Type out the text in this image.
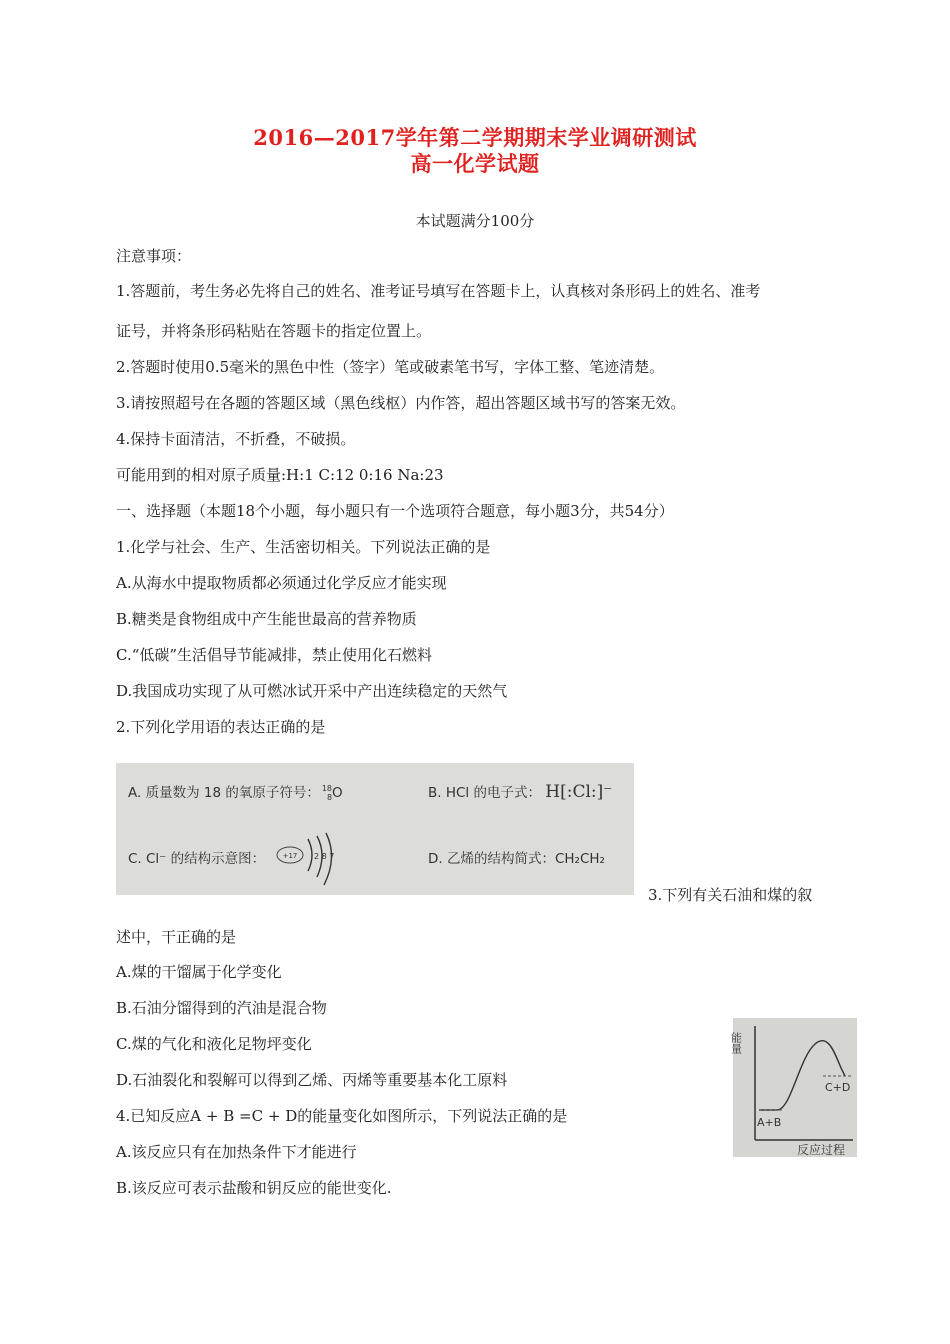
2016—2017学年第二学期期末学业调研测试
高一化学试题
本试题满分100分
注意事项：
1.答题前，考生务必先将自己的姓名、准考证号填写在答题卡上，认真核对条形码上的姓名、准考
证号，并将条形码粘贴在答题卡的指定位置上。
2.答题时使用0.5毫米的黑色中性（签字）笔或破素笔书写，字体工整、笔迹清楚。
3.请按照超号在各题的答题区域（黑色线枢）内作答，超出答题区域书写的答案无效。
4.保持卡面清洁，不折叠，不破损。
可能用到的相对原子质量:H:1 C:12 0:16 Na:23
一、选择题（本题18个小题，每小题只有一个选项符合题意，每小题3分，共54分）
1.化学与社会、生产、生活密切相关。下列说法正确的是
A.从海水中提取物质都必须通过化学反应才能实现
B.糖类是食物组成中产生能世最高的营养物质
C.“低碳”生活倡导节能减排，禁止使用化石燃料
D.我国成功实现了从可燃冰试开采中产出连续稳定的天然气
2.下列化学用语的表达正确的是
A. 质量数为 18 的氧原子符号： 18
8O	B. HCl 的电子式： H[:Cl:]⁻
C. Cl⁻ 的结构示意图：	+17 2 8 7	D. 乙烯的结构简式：CH₂CH₂
3.下列有关石油和煤的叙
述中，干正确的是
A.煤的干馏属于化学变化
B.石油分馏得到的汽油是混合物
C.煤的气化和液化足物坪变化
D.石油裂化和裂解可以得到乙烯、丙烯等重要基本化工原料
4.已知反应A + B =C + D的能量变化如图所示，下列说法正确的是
A.该反应只有在加热条件下才能进行
B.该反应可表示盐酸和钥反应的能世变化.
能量
C+D
A+B
反应过程
